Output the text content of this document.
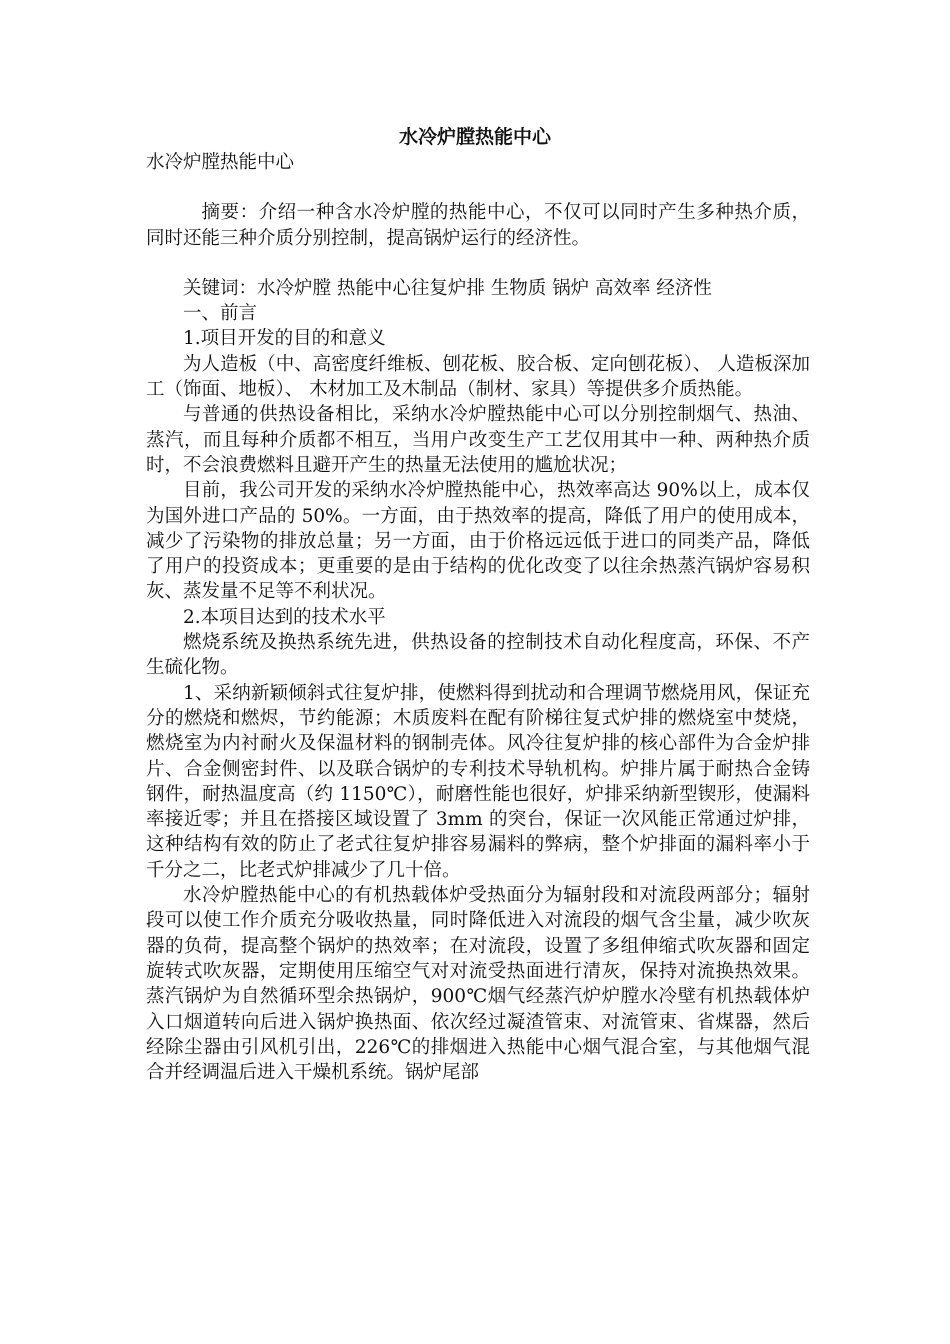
水冷炉膛热能中心

水冷炉膛热能中心

摘要：介绍一种含水冷炉膛的热能中心，不仅可以同时产生多种热介质，同时还能三种介质分别控制，提高锅炉运行的经济性。

关键词：水冷炉膛 热能中心往复炉排 生物质 锅炉 高效率 经济性

一、前言

1.项目开发的目的和意义

为人造板（中、高密度纤维板、刨花板、胶合板、定向刨花板）、 人造板深加工（饰面、地板）、 木材加工及木制品（制材、家具）等提供多介质热能。

与普通的供热设备相比，采纳水冷炉膛热能中心可以分别控制烟气、热油、蒸汽，而且每种介质都不相互，当用户改变生产工艺仅用其中一种、两种热介质时，不会浪费燃料且避开产生的热量无法使用的尴尬状况；

目前，我公司开发的采纳水冷炉膛热能中心，热效率高达 90%以上，成本仅为国外进口产品的 50%。一方面，由于热效率的提高，降低了用户的使用成本，减少了污染物的排放总量；另一方面，由于价格远远低于进口的同类产品，降低了用户的投资成本；更重要的是由于结构的优化改变了以往余热蒸汽锅炉容易积灰、蒸发量不足等不利状况。

2.本项目达到的技术水平

燃烧系统及换热系统先进，供热设备的控制技术自动化程度高，环保、不产生硫化物。

1、采纳新颖倾斜式往复炉排，使燃料得到扰动和合理调节燃烧用风，保证充分的燃烧和燃烬，节约能源；木质废料在配有阶梯往复式炉排的燃烧室中焚烧，燃烧室为内衬耐火及保温材料的钢制壳体。风冷往复炉排的核心部件为合金炉排片、合金侧密封件、以及联合锅炉的专利技术导轨机构。炉排片属于耐热合金铸钢件，耐热温度高（约 1150℃），耐磨性能也很好，炉排采纳新型锲形，使漏料率接近零；并且在搭接区域设置了 3mm 的突台，保证一次风能正常通过炉排，这种结构有效的防止了老式往复炉排容易漏料的弊病，整个炉排面的漏料率小于千分之二，比老式炉排减少了几十倍。

水冷炉膛热能中心的有机热载体炉受热面分为辐射段和对流段两部分；辐射段可以使工作介质充分吸收热量，同时降低进入对流段的烟气含尘量，减少吹灰器的负荷，提高整个锅炉的热效率；在对流段，设置了多组伸缩式吹灰器和固定旋转式吹灰器，定期使用压缩空气对对流受热面进行清灰，保持对流换热效果。蒸汽锅炉为自然循环型余热锅炉，900℃烟气经蒸汽炉炉膛水冷壁有机热载体炉入口烟道转向后进入锅炉换热面、依次经过凝渣管束、对流管束、省煤器，然后经除尘器由引风机引出，226℃的排烟进入热能中心烟气混合室，与其他烟气混合并经调温后进入干燥机系统。锅炉尾部
